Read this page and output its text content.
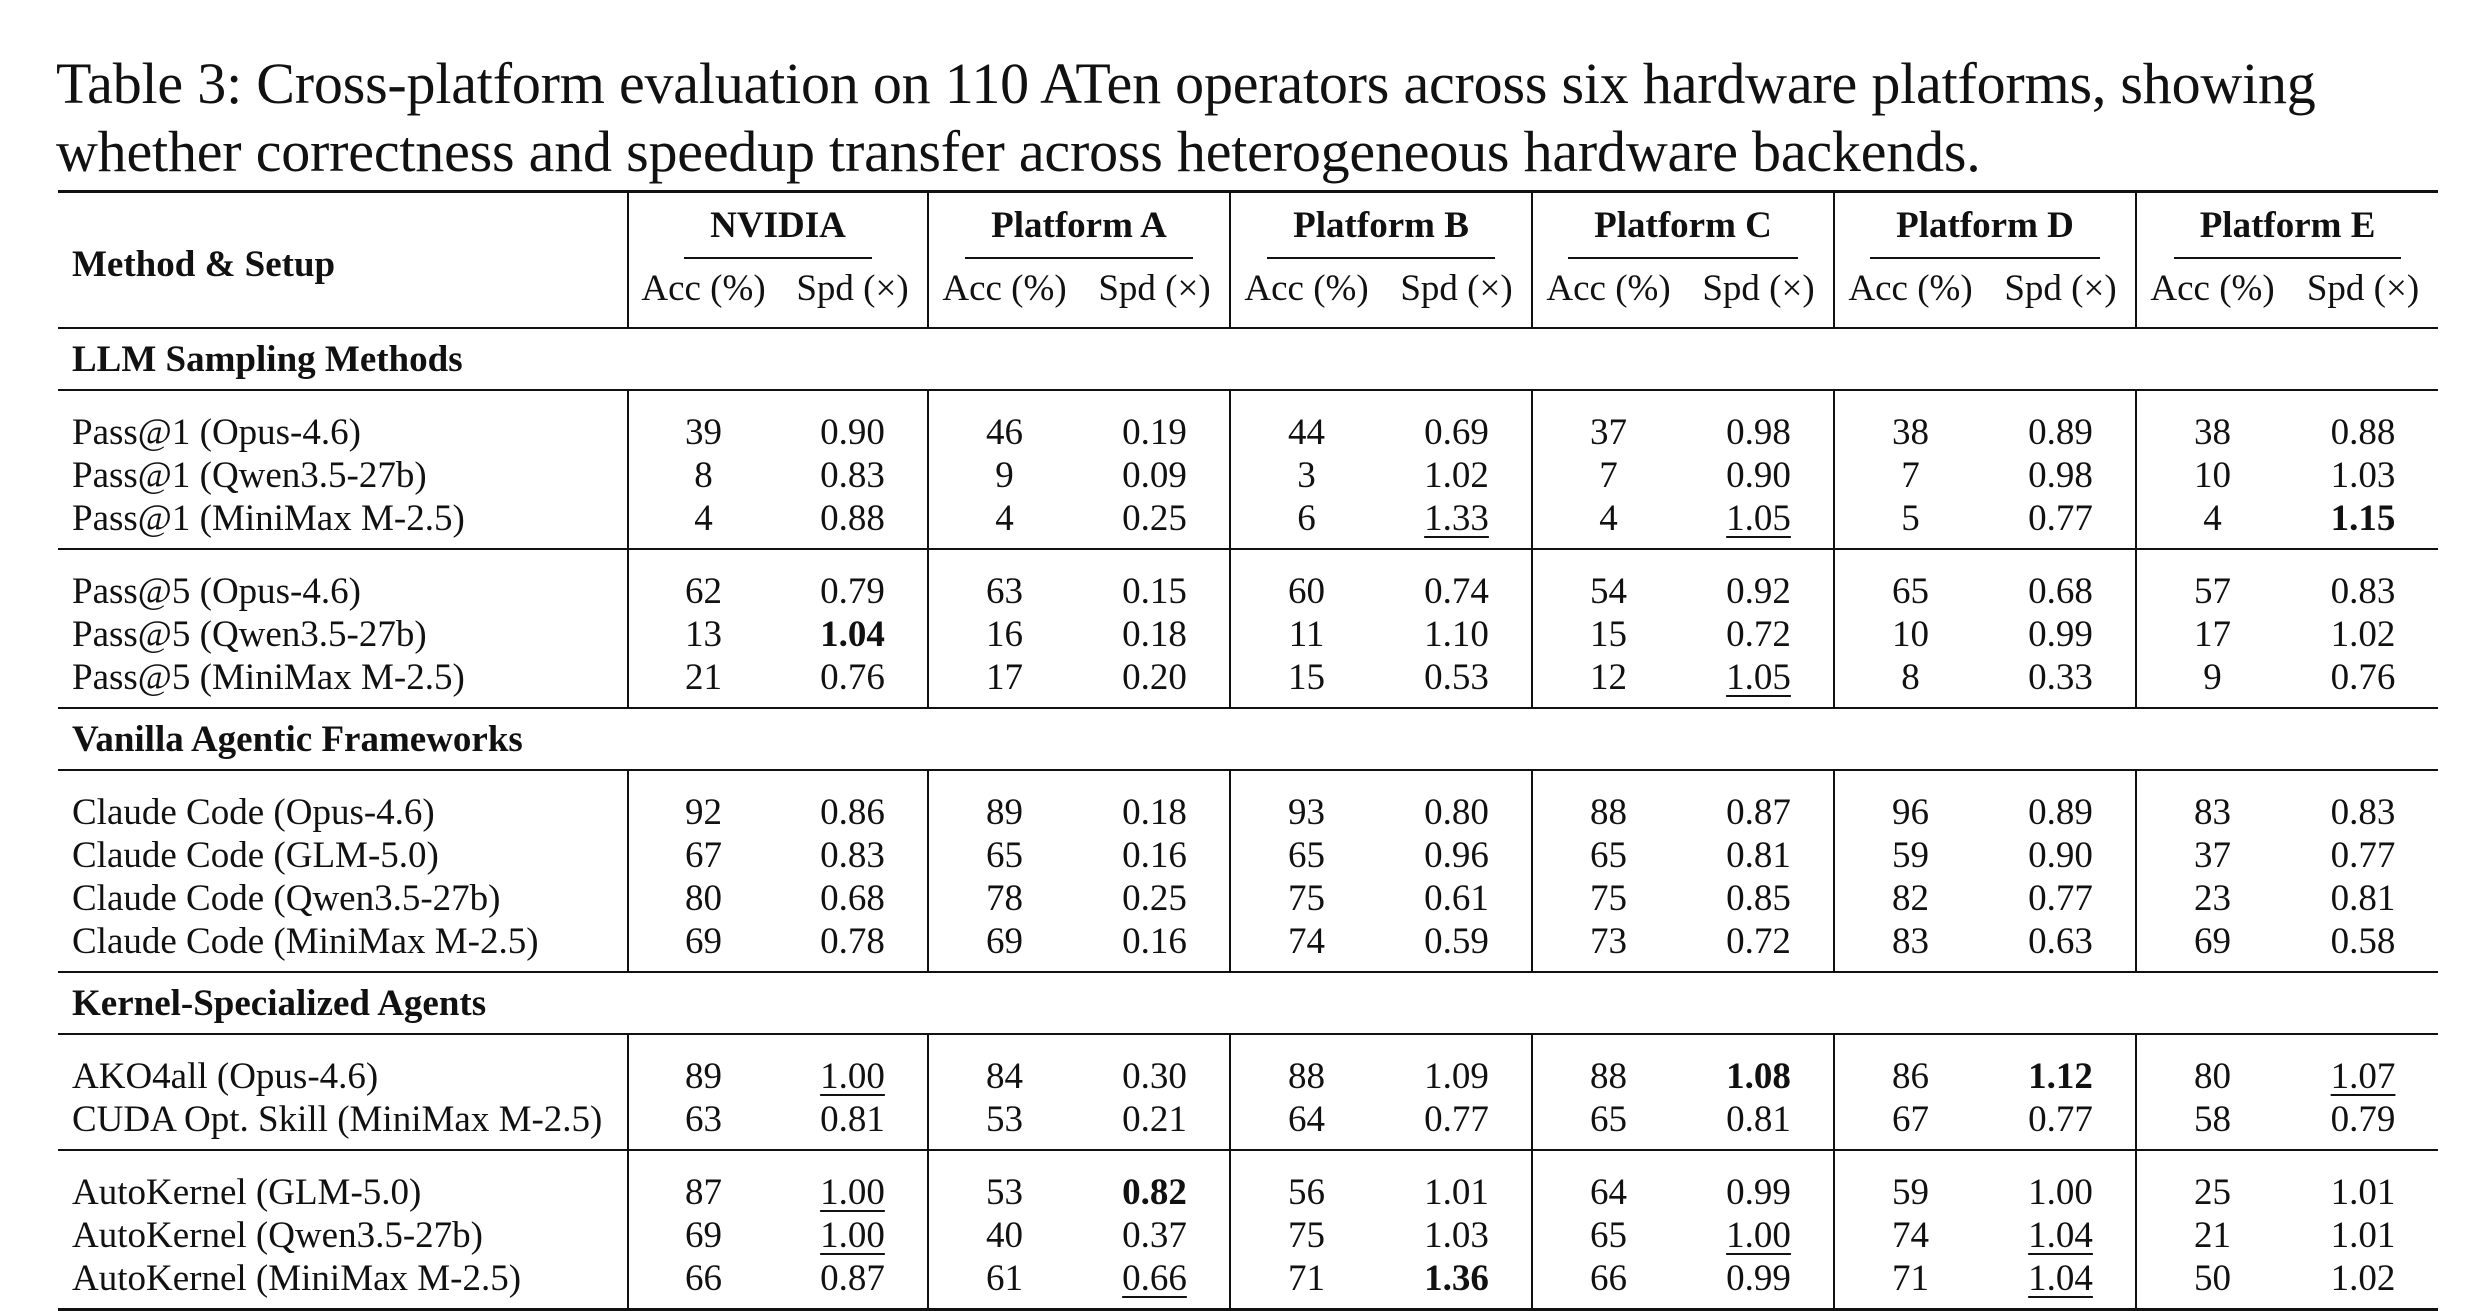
Table 3: Cross-platform evaluation on 110 ATen operators across six hardware platforms, showing whether correctness and speedup transfer across heterogeneous hardware backends.
Method & Setup	NVIDIA		Platform A		Platform B		Platform C		Platform D		Platform E	
	Acc (%)	Spd (×)	Acc (%)	Spd (×)	Acc (%)	Spd (×)	Acc (%)	Spd (×)	Acc (%)	Spd (×)	Acc (%)	Spd (×)
LLM Sampling Methods												
Pass@1 (Opus-4.6)	39	0.90	46	0.19	44	0.69	37	0.98	38	0.89	38	0.88
Pass@1 (Qwen3.5-27b)	8	0.83	9	0.09	3	1.02	7	0.90	7	0.98	10	1.03
Pass@1 (MiniMax M-2.5)	4	0.88	4	0.25	6	1.33	4	1.05	5	0.77	4	1.15
Pass@5 (Opus-4.6)	62	0.79	63	0.15	60	0.74	54	0.92	65	0.68	57	0.83
Pass@5 (Qwen3.5-27b)	13	1.04	16	0.18	11	1.10	15	0.72	10	0.99	17	1.02
Pass@5 (MiniMax M-2.5)	21	0.76	17	0.20	15	0.53	12	1.05	8	0.33	9	0.76
Vanilla Agentic Frameworks												
Claude Code (Opus-4.6)	92	0.86	89	0.18	93	0.80	88	0.87	96	0.89	83	0.83
Claude Code (GLM-5.0)	67	0.83	65	0.16	65	0.96	65	0.81	59	0.90	37	0.77
Claude Code (Qwen3.5-27b)	80	0.68	78	0.25	75	0.61	75	0.85	82	0.77	23	0.81
Claude Code (MiniMax M-2.5)	69	0.78	69	0.16	74	0.59	73	0.72	83	0.63	69	0.58
Kernel-Specialized Agents												
AKO4all (Opus-4.6)	89	1.00	84	0.30	88	1.09	88	1.08	86	1.12	80	1.07
CUDA Opt. Skill (MiniMax M-2.5)	63	0.81	53	0.21	64	0.77	65	0.81	67	0.77	58	0.79
AutoKernel (GLM-5.0)	87	1.00	53	0.82	56	1.01	64	0.99	59	1.00	25	1.01
AutoKernel (Qwen3.5-27b)	69	1.00	40	0.37	75	1.03	65	1.00	74	1.04	21	1.01
AutoKernel (MiniMax M-2.5)	66	0.87	61	0.66	71	1.36	66	0.99	71	1.04	50	1.02
